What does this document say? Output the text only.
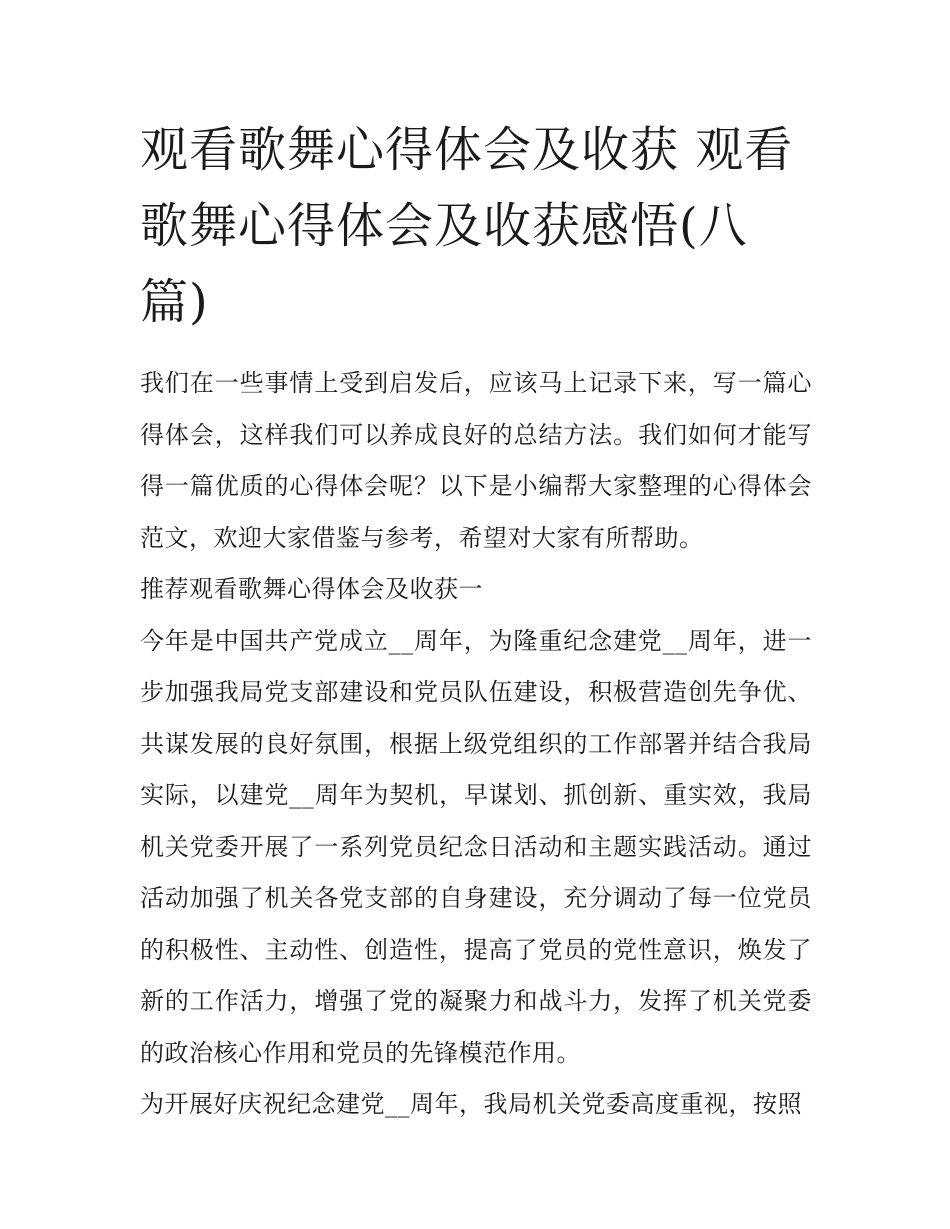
观看歌舞心得体会及收获 观看歌舞心得体会及收获感悟(八篇)

我们在一些事情上受到启发后，应该马上记录下来，写一篇心得体会，这样我们可以养成良好的总结方法。我们如何才能写得一篇优质的心得体会呢？以下是小编帮大家整理的心得体会范文，欢迎大家借鉴与参考，希望对大家有所帮助。

推荐观看歌舞心得体会及收获一

今年是中国共产党成立__周年，为隆重纪念建党__周年，进一步加强我局党支部建设和党员队伍建设，积极营造创先争优、共谋发展的良好氛围，根据上级党组织的工作部署并结合我局实际，以建党__周年为契机，早谋划、抓创新、重实效，我局机关党委开展了一系列党员纪念日活动和主题实践活动。通过活动加强了机关各党支部的自身建设，充分调动了每一位党员的积极性、主动性、创造性，提高了党员的党性意识，焕发了新的工作活力，增强了党的凝聚力和战斗力，发挥了机关党委的政治核心作用和党员的先锋模范作用。

为开展好庆祝纪念建党__周年，我局机关党委高度重视，按照
